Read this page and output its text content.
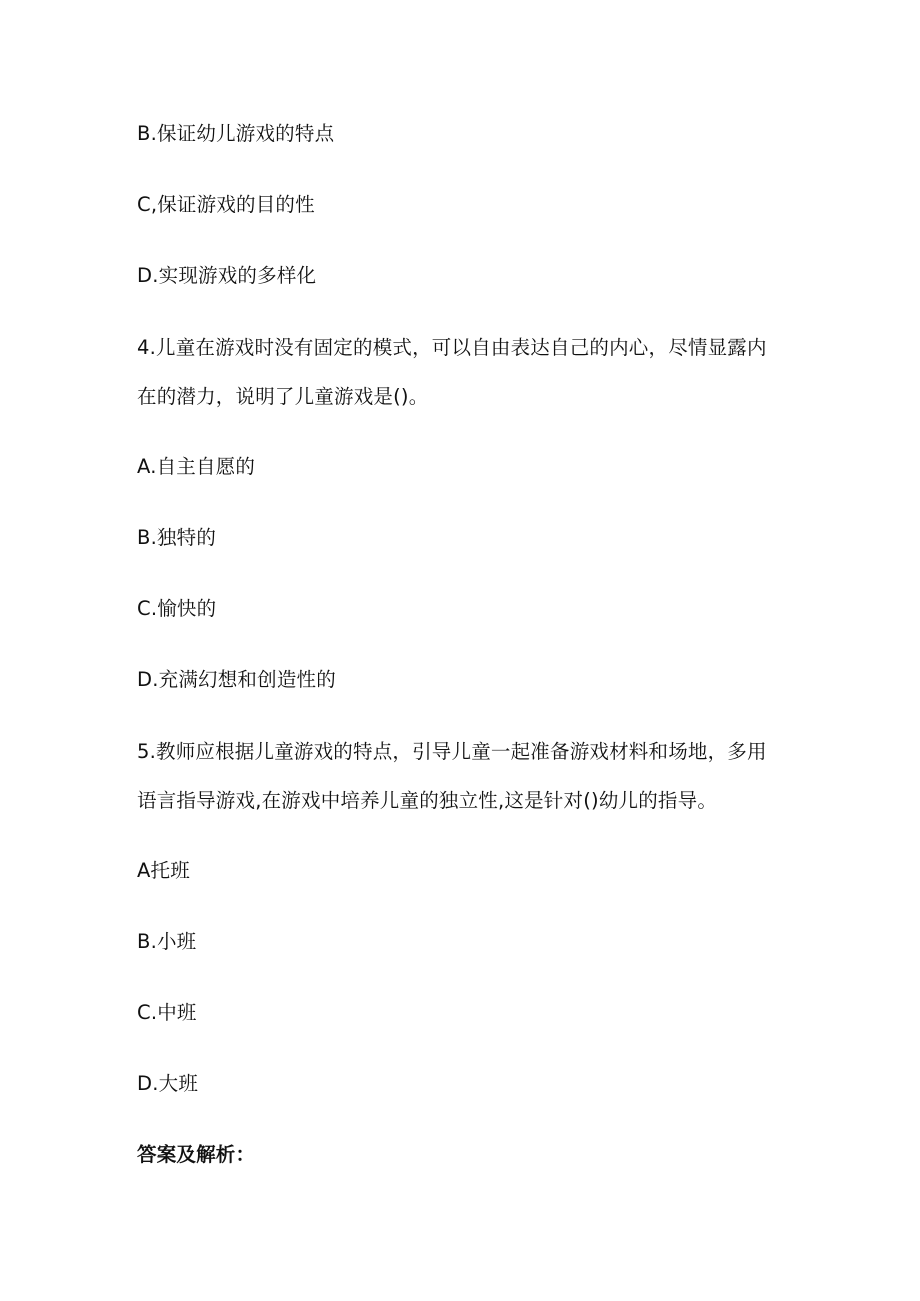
B.保证幼儿游戏的特点
C,保证游戏的目的性
D.实现游戏的多样化
4.儿童在游戏时没有固定的模式，可以自由表达自己的内心，尽情显露内
在的潜力，说明了儿童游戏是()。
A.自主自愿的
B.独特的
C.愉快的
D.充满幻想和创造性的
5.教师应根据儿童游戏的特点，引导儿童一起准备游戏材料和场地，多用
语言指导游戏,在游戏中培养儿童的独立性,这是针对()幼儿的指导。
A托班
B.小班
C.中班
D.大班
答案及解析：
